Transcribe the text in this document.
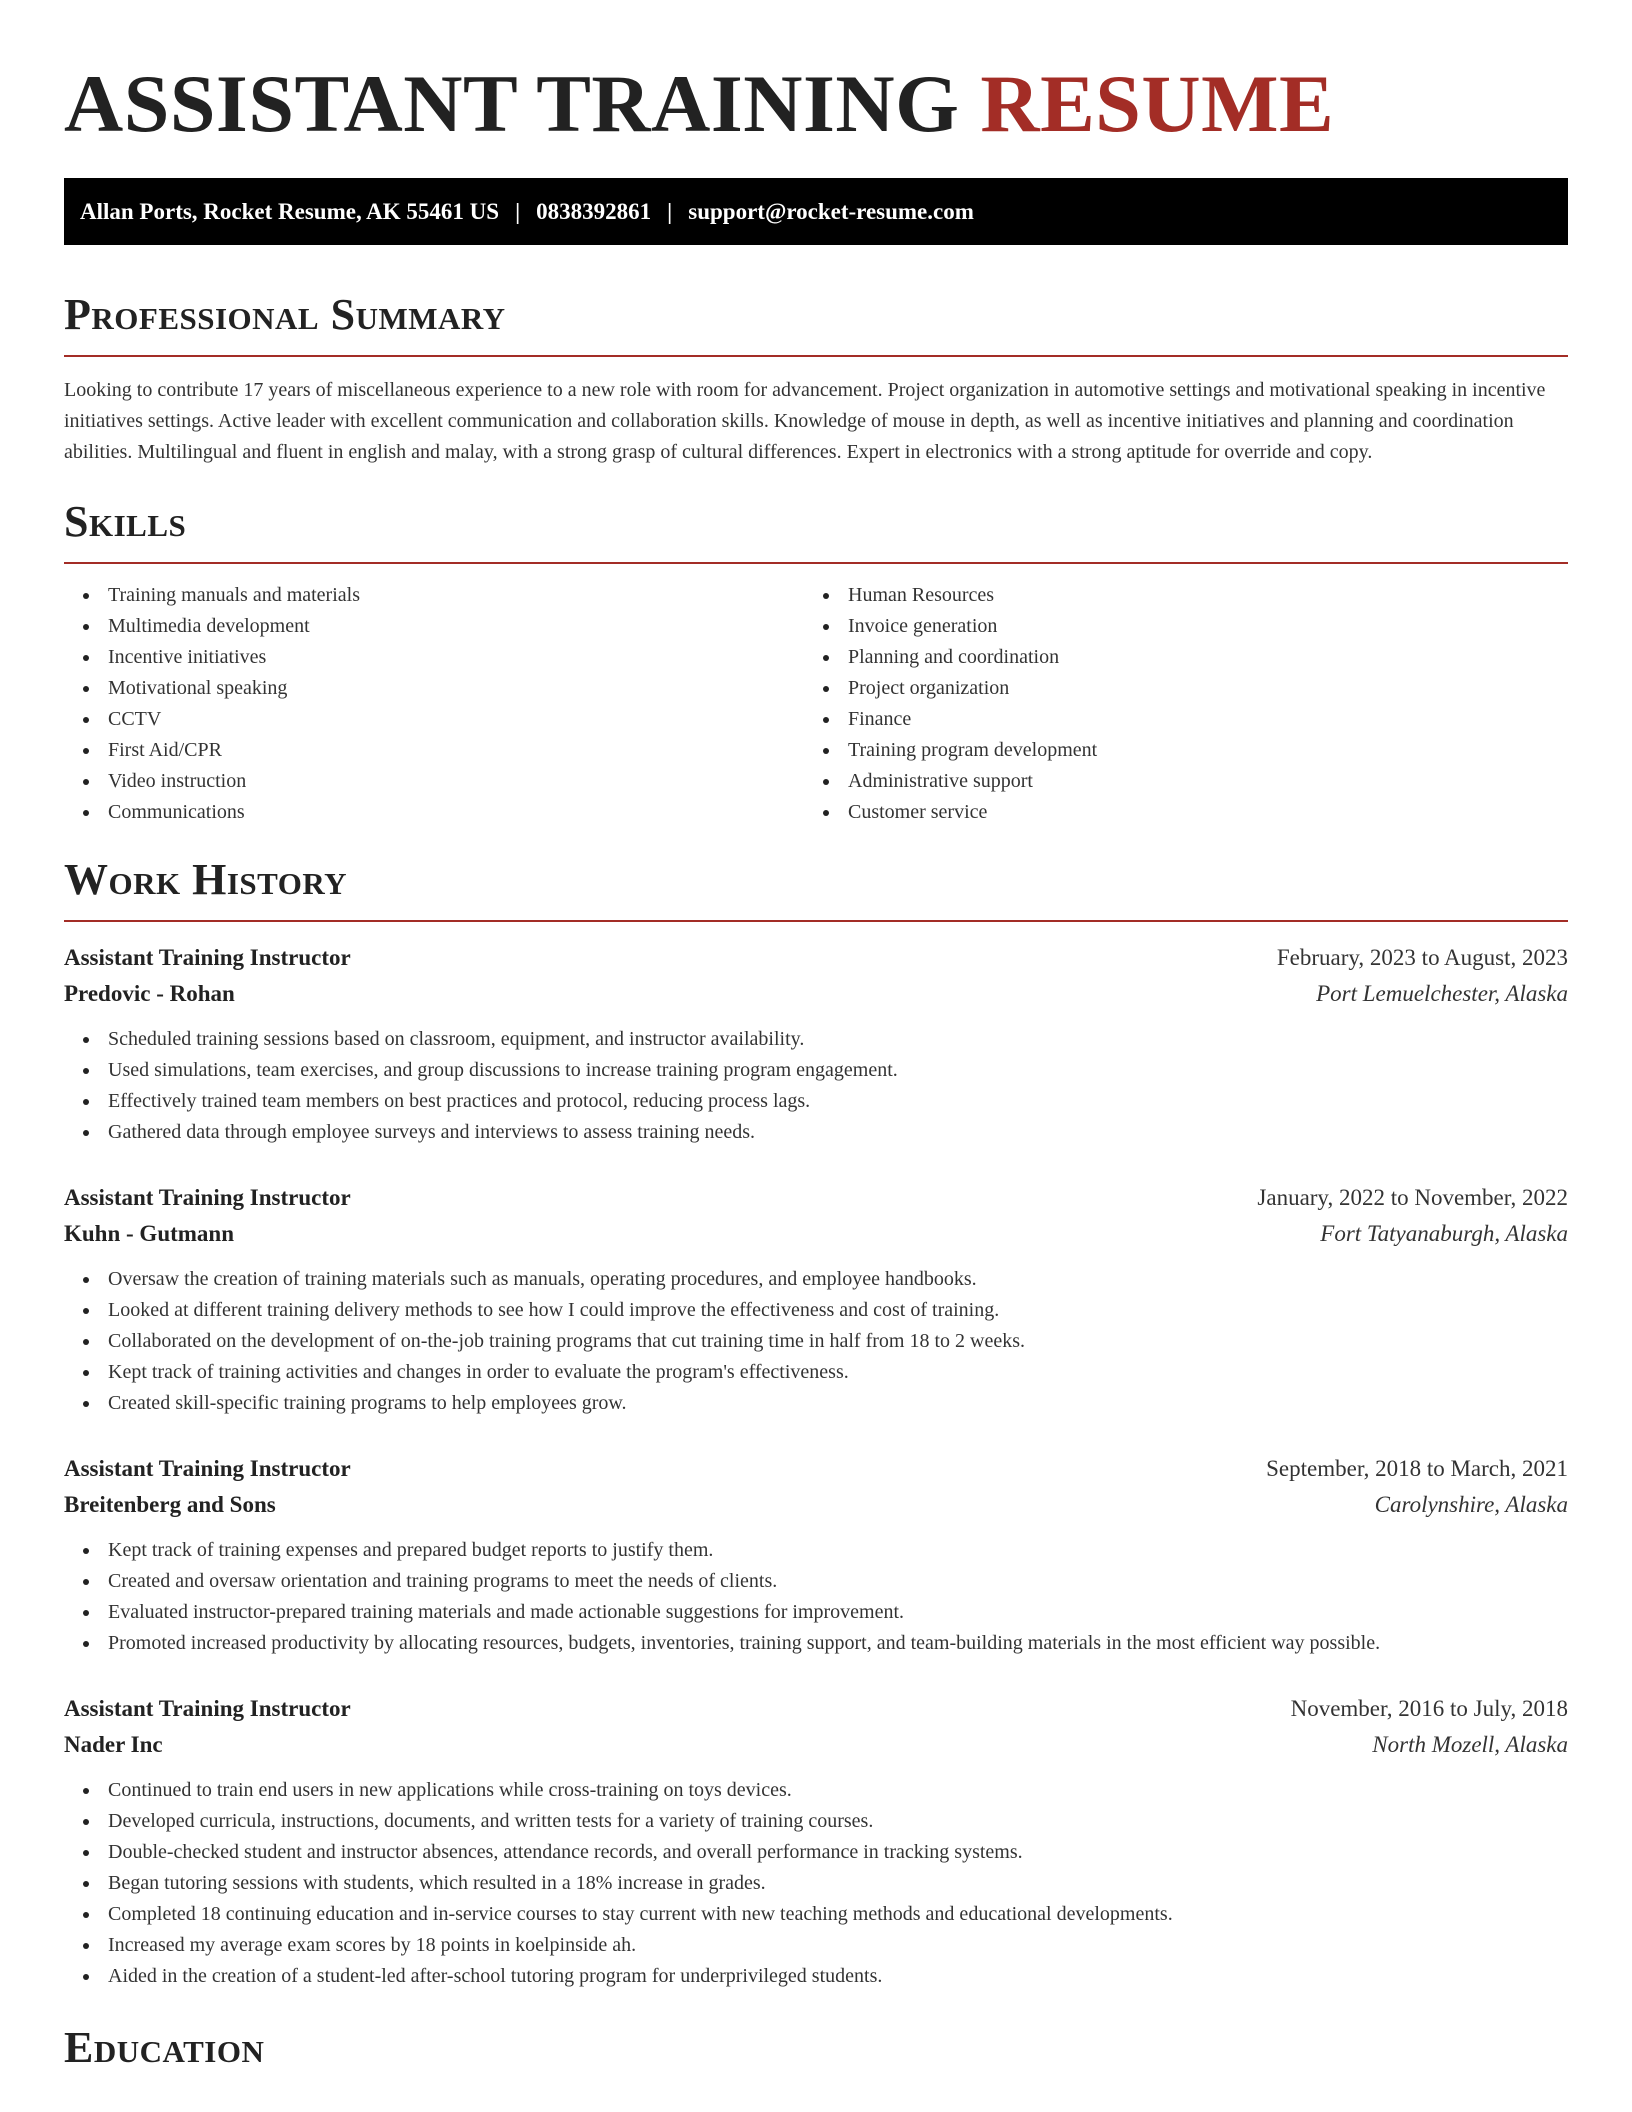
ASSISTANT TRAINING RESUME
Allan Ports, Rocket Resume, AK 55461 US | 0838392861 | support@rocket-resume.com
Professional Summary

Looking to contribute 17 years of miscellaneous experience to a new role with room for advancement. Project organization in automotive settings and motivational speaking in incentive initiatives settings. Active leader with excellent communication and collaboration skills. Knowledge of mouse in depth, as well as incentive initiatives and planning and coordination abilities. Multilingual and fluent in english and malay, with a strong grasp of cultural differences. Expert in electronics with a strong aptitude for override and copy.

Skills
Training manuals and materials
Multimedia development
Incentive initiatives
Motivational speaking
CCTV
First Aid/CPR
Video instruction
Communications
Human Resources
Invoice generation
Planning and coordination
Project organization
Finance
Training program development
Administrative support
Customer service
Work History
Assistant Training Instructor	February, 2023 to August, 2023
Predovic - Rohan	Port Lemuelchester, Alaska
Scheduled training sessions based on classroom, equipment, and instructor availability.
Used simulations, team exercises, and group discussions to increase training program engagement.
Effectively trained team members on best practices and protocol, reducing process lags.
Gathered data through employee surveys and interviews to assess training needs.
Assistant Training Instructor	January, 2022 to November, 2022
Kuhn - Gutmann	Fort Tatyanaburgh, Alaska
Oversaw the creation of training materials such as manuals, operating procedures, and employee handbooks.
Looked at different training delivery methods to see how I could improve the effectiveness and cost of training.
Collaborated on the development of on-the-job training programs that cut training time in half from 18 to 2 weeks.
Kept track of training activities and changes in order to evaluate the program's effectiveness.
Created skill-specific training programs to help employees grow.
Assistant Training Instructor	September, 2018 to March, 2021
Breitenberg and Sons	Carolynshire, Alaska
Kept track of training expenses and prepared budget reports to justify them.
Created and oversaw orientation and training programs to meet the needs of clients.
Evaluated instructor-prepared training materials and made actionable suggestions for improvement.
Promoted increased productivity by allocating resources, budgets, inventories, training support, and team-building materials in the most efficient way possible.
Assistant Training Instructor	November, 2016 to July, 2018
Nader Inc	North Mozell, Alaska
Continued to train end users in new applications while cross-training on toys devices.
Developed curricula, instructions, documents, and written tests for a variety of training courses.
Double-checked student and instructor absences, attendance records, and overall performance in tracking systems.
Began tutoring sessions with students, which resulted in a 18% increase in grades.
Completed 18 continuing education and in-service courses to stay current with new teaching methods and educational developments.
Increased my average exam scores by 18 points in koelpinside ah.
Aided in the creation of a student-led after-school tutoring program for underprivileged students.
Education
